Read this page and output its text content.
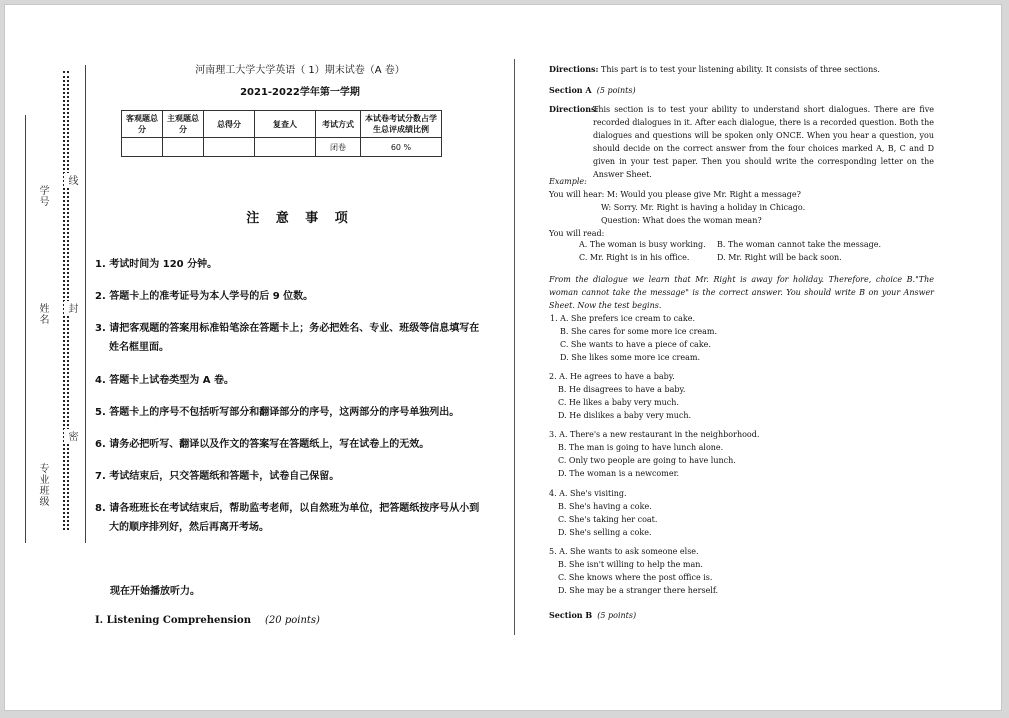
线
封
密
学号
姓名
专业班级
河南理工大学大学英语（ 1）期末试卷（A 卷）
2021-2022学年第一学期
客观题总分	主观题总分	总得分	复查人	考试方式	本试卷考试分数占学生总评成绩比例
				闭卷	60 %
注 意 事 项
1. 考试时间为 120 分钟。
2. 答题卡上的准考证号为本人学号的后 9 位数。
3. 请把客观题的答案用标准铅笔涂在答题卡上；务必把姓名、专业、班级等信息填写在
姓名框里面。
4. 答题卡上试卷类型为 A 卷。
5. 答题卡上的序号不包括听写部分和翻译部分的序号，这两部分的序号单独列出。
6. 请务必把听写、翻译以及作文的答案写在答题纸上，写在试卷上的无效。
7. 考试结束后，只交答题纸和答题卡，试卷自己保留。
8. 请各班班长在考试结束后，帮助监考老师，以自然班为单位，把答题纸按序号从小到
大的顺序排列好，然后再离开考场。
现在开始播放听力。
I. Listening Comprehension (20 points)
Directions: This part is to test your listening ability. It consists of three sections.
Section A (5 points)
Directions:
This section is to test your ability to understand short dialogues. There are five recorded dialogues in it. After each dialogue, there is a recorded question. Both the dialogues and questions will be spoken only ONCE. When you hear a question, you should decide on the correct answer from the four choices marked A, B, C and D given in your test paper. Then you should write the corresponding letter on the Answer Sheet.
Example:
You will hear: M: Would you please give Mr. Right a message?
W: Sorry. Mr. Right is having a holiday in Chicago.
Question: What does the woman mean?
You will read:
A. The woman is busy working. B. The woman cannot take the message.
C. Mr. Right is in his office.	D. Mr. Right will be back soon.
From the dialogue we learn that Mr. Right is away for holiday. Therefore, choice B."The woman cannot take the message" is the correct answer. You should write B on your Answer Sheet. Now the test begins.
1. A. She prefers ice cream to cake.
B. She cares for some more ice cream.
C. She wants to have a piece of cake.
D. She likes some more ice cream.
2. A. He agrees to have a baby.
B. He disagrees to have a baby.
C. He likes a baby very much.
D. He dislikes a baby very much.
3. A. There's a new restaurant in the neighborhood.
B. The man is going to have lunch alone.
C. Only two people are going to have lunch.
D. The woman is a newcomer.
4. A. She's visiting.
B. She's having a coke.
C. She's taking her coat.
D. She's selling a coke.
5. A. She wants to ask someone else.
B. She isn't willing to help the man.
C. She knows where the post office is.
D. She may be a stranger there herself.
Section B (5 points)
